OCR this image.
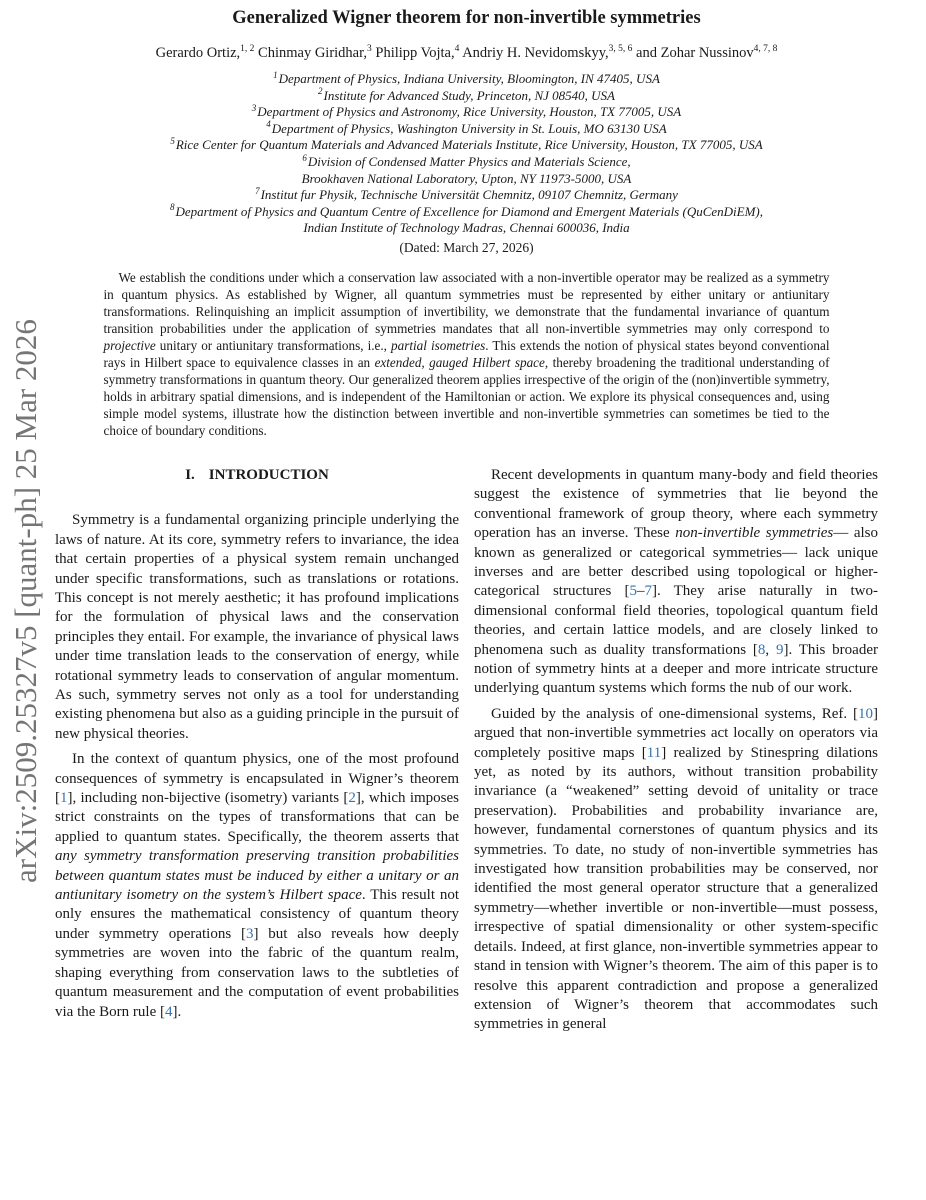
arXiv:2509.25327v5 [quant-ph] 25 Mar 2026
Generalized Wigner theorem for non-invertible symmetries
Gerardo Ortiz,$^{1, 2}$ Chinmay Giridhar,$^3$ Philipp Vojta,$^4$ Andriy H. Nevidomskyy,$^{3, 5, 6}$ and Zohar Nussinov$^{4, 7, 8}$
$^1$Department of Physics, Indiana University, Bloomington, IN 47405, USA
$^2$Institute for Advanced Study, Princeton, NJ 08540, USA
$^3$Department of Physics and Astronomy, Rice University, Houston, TX 77005, USA
$^4$Department of Physics, Washington University in St. Louis, MO 63130 USA
$^5$Rice Center for Quantum Materials and Advanced Materials Institute, Rice University, Houston, TX 77005, USA
$^6$Division of Condensed Matter Physics and Materials Science,
Brookhaven National Laboratory, Upton, NY 11973-5000, USA
$^7$Institut fur Physik, Technische Universität Chemnitz, 09107 Chemnitz, Germany
$^8$Department of Physics and Quantum Centre of Excellence for Diamond and Emergent Materials (QuCenDiEM),
Indian Institute of Technology Madras, Chennai 600036, India
(Dated: March 27, 2026)

We establish the conditions under which a conservation law associated with a non-invertible operator may be realized as a symmetry in quantum physics. As established by Wigner, all quantum symmetries must be represented by either unitary or antiunitary transformations. Relinquishing an implicit assumption of invertibility, we demonstrate that the fundamental invariance of quantum transition probabilities under the application of symmetries mandates that all non-invertible symmetries may only correspond to projective unitary or antiunitary transformations, i.e., partial isometries. This extends the notion of physical states beyond conventional rays in Hilbert space to equivalence classes in an extended, gauged Hilbert space, thereby broadening the traditional understanding of symmetry transformations in quantum theory. Our generalized theorem applies irrespective of the origin of the (non)invertible symmetry, holds in arbitrary spatial dimensions, and is independent of the Hamiltonian or action. We explore its physical consequences and, using simple model systems, illustrate how the distinction between invertible and non-invertible symmetries can sometimes be tied to the choice of boundary conditions.

I. INTRODUCTION

Symmetry is a fundamental organizing principle underlying the laws of nature. At its core, symmetry refers to invariance, the idea that certain properties of a physical system remain unchanged under specific transformations, such as translations or rotations. This concept is not merely aesthetic; it has profound implications for the formulation of physical laws and the conservation principles they entail. For example, the invariance of physical laws under time translation leads to the conservation of energy, while rotational symmetry leads to conservation of angular momentum. As such, symmetry serves not only as a tool for understanding existing phenomena but also as a guiding principle in the pursuit of new physical theories.

In the context of quantum physics, one of the most profound consequences of symmetry is encapsulated in Wigner’s theorem [1], including non-bijective (isometry) variants [2], which imposes strict constraints on the types of transformations that can be applied to quantum states. Specifically, the theorem asserts that any symmetry transformation preserving transition probabilities between quantum states must be induced by either a unitary or an antiunitary isometry on the system’s Hilbert space. This result not only ensures the mathematical consistency of quantum theory under symmetry operations [3] but also reveals how deeply symmetries are woven into the fabric of the quantum realm, shaping everything from conservation laws to the subtleties of quantum measurement and the computation of event probabilities via the Born rule [4].

Recent developments in quantum many-body and field theories suggest the existence of symmetries that lie beyond the conventional framework of group theory, where each symmetry operation has an inverse. These non-invertible symmetries— also known as generalized or categorical symmetries— lack unique inverses and are better described using topological or higher-categorical structures [5–7]. They arise naturally in two-dimensional conformal field theories, topological quantum field theories, and certain lattice models, and are closely linked to phenomena such as duality transformations [8, 9]. This broader notion of symmetry hints at a deeper and more intricate structure underlying quantum systems which forms the nub of our work.

Guided by the analysis of one-dimensional systems, Ref. [10] argued that non-invertible symmetries act locally on operators via completely positive maps [11] realized by Stinespring dilations yet, as noted by its authors, without transition probability invariance (a “weakened” setting devoid of unitality or trace preservation). Probabilities and probability invariance are, however, fundamental cornerstones of quantum physics and its symmetries. To date, no study of non-invertible symmetries has investigated how transition probabilities may be conserved, nor identified the most general operator structure that a generalized symmetry—whether invertible or non-invertible—must possess, irrespective of spatial dimensionality or other system-specific details. Indeed, at first glance, non-invertible symmetries appear to stand in tension with Wigner’s theorem. The aim of this paper is to resolve this apparent contradiction and propose a generalized extension of Wigner’s theorem that accommodates such symmetries in general
